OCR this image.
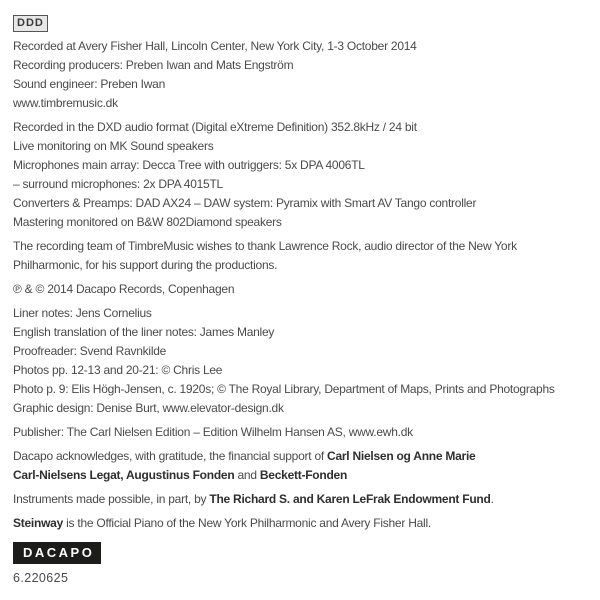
DDD
Recorded at Avery Fisher Hall, Lincoln Center, New York City, 1-3 October 2014
Recording producers: Preben Iwan and Mats Engström
Sound engineer: Preben Iwan
www.timbremusic.dk
Recorded in the DXD audio format (Digital eXtreme Definition) 352.8kHz / 24 bit
Live monitoring on MK Sound speakers
Microphones main array: Decca Tree with outriggers: 5x DPA 4006TL
– surround microphones: 2x DPA 4015TL
Converters & Preamps: DAD AX24 – DAW system: Pyramix with Smart AV Tango controller
Mastering monitored on B&W 802Diamond speakers
The recording team of TimbreMusic wishes to thank Lawrence Rock, audio director of the New York
Philharmonic, for his support during the productions.
℗ & © 2014 Dacapo Records, Copenhagen
Liner notes: Jens Cornelius
English translation of the liner notes: James Manley
Proofreader: Svend Ravnkilde
Photos pp. 12-13 and 20-21: © Chris Lee
Photo p. 9: Elis Högh-Jensen, c. 1920s; © The Royal Library, Department of Maps, Prints and Photographs
Graphic design: Denise Burt, www.elevator-design.dk
Publisher: The Carl Nielsen Edition – Edition Wilhelm Hansen AS, www.ewh.dk
Dacapo acknowledges, with gratitude, the financial support of Carl Nielsen og Anne Marie
Carl-Nielsens Legat, Augustinus Fonden and Beckett-Fonden
Instruments made possible, in part, by The Richard S. and Karen LeFrak Endowment Fund.
Steinway is the Official Piano of the New York Philharmonic and Avery Fisher Hall.
DACAPO
6.220625
